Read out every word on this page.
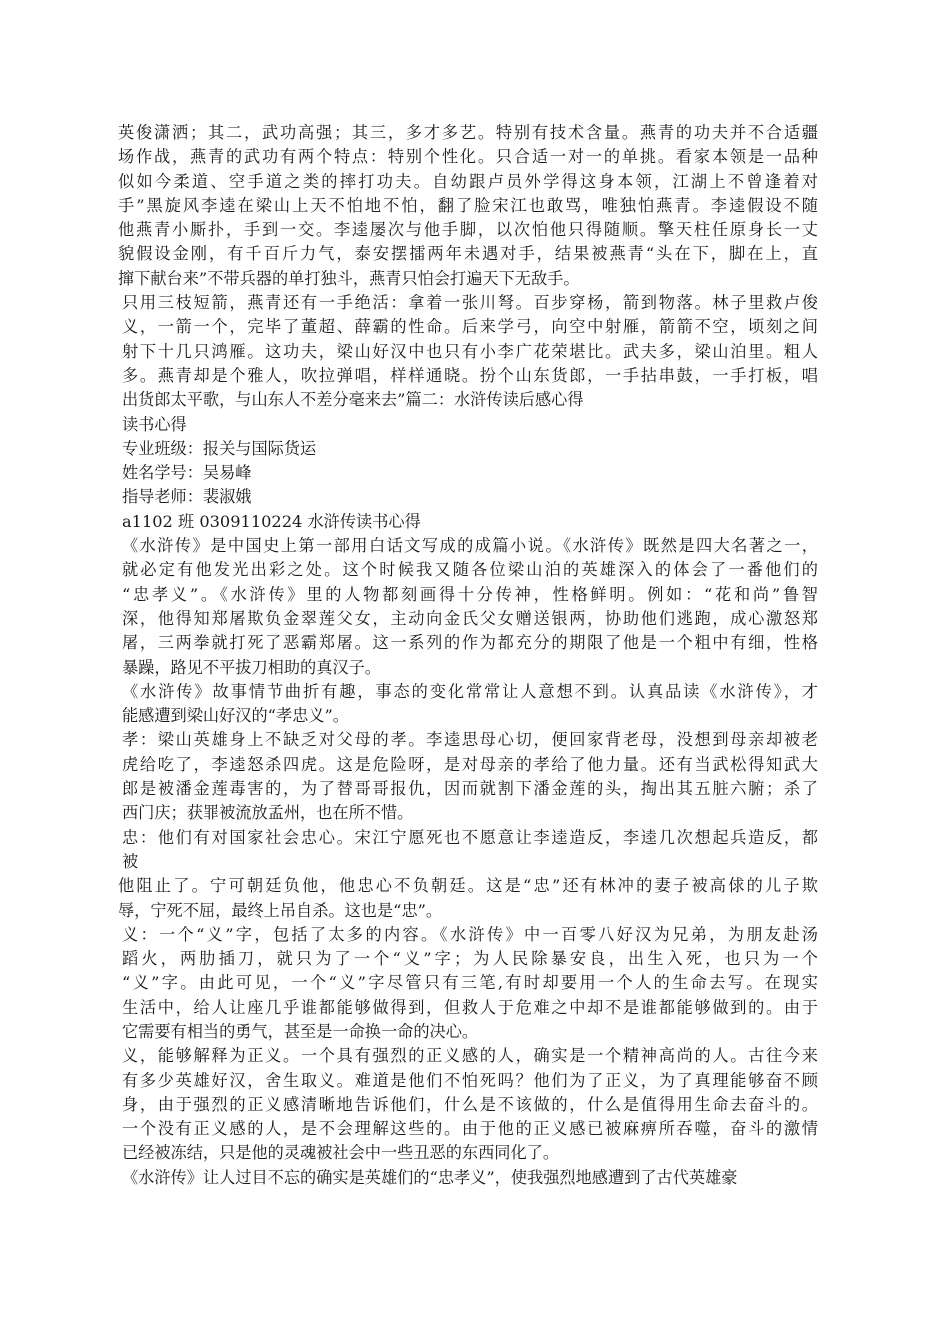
英俊潇洒；其二，武功高强；其三，多才多艺。特别有技术含量。燕青的功夫并不合适疆
场作战，燕青的武功有两个特点：特别个性化。只合适一对一的单挑。看家本领是一品种
似如今柔道、空手道之类的摔打功夫。自幼跟卢员外学得这身本领，江湖上不曾逢着对
手”黑旋风李逵在梁山上天不怕地不怕，翻了脸宋江也敢骂，唯独怕燕青。李逵假设不随
他燕青小厮扑，手到一交。李逵屡次与他手脚，以次怕他只得随顺。擎天柱任原身长一丈
貌假设金刚，有千百斤力气，泰安摆擂两年未遇对手，结果被燕青“头在下，脚在上，直
撺下献台来”不带兵器的单打独斗，燕青只怕会打遍天下无敌手。
只用三枝短箭，燕青还有一手绝活：拿着一张川弩。百步穿杨，箭到物落。林子里救卢俊
义，一箭一个，完毕了董超、薛霸的性命。后来学弓，向空中射雁，箭箭不空，顷刻之间
射下十几只鸿雁。这功夫，梁山好汉中也只有小李广花荣堪比。武夫多，梁山泊里。粗人
多。燕青却是个雅人，吹拉弹唱，样样通晓。扮个山东货郎，一手拈串鼓，一手打板，唱
出货郎太平歌，与山东人不差分毫来去”篇二：水浒传读后感心得
读书心得
专业班级：报关与国际货运
姓名学号：吴易峰
指导老师：裴淑娥
a1102 班 0309110224 水浒传读书心得
《水浒传》是中国史上第一部用白话文写成的成篇小说。《水浒传》既然是四大名著之一，
就必定有他发光出彩之处。这个时候我又随各位梁山泊的英雄深入的体会了一番他们的
“忠孝义”。《水浒传》里的人物都刻画得十分传神，性格鲜明。例如：“花和尚”鲁智
深，他得知郑屠欺负金翠莲父女，主动向金氏父女赠送银两，协助他们逃跑，成心激怒郑
屠，三两拳就打死了恶霸郑屠。这一系列的作为都充分的期限了他是一个粗中有细，性格
暴躁，路见不平拔刀相助的真汉子。
《水浒传》故事情节曲折有趣，事态的变化常常让人意想不到。认真品读《水浒传》，才
能感遭到梁山好汉的“孝忠义”。
孝：梁山英雄身上不缺乏对父母的孝。李逵思母心切，便回家背老母，没想到母亲却被老
虎给吃了，李逵怒杀四虎。这是危险呀，是对母亲的孝给了他力量。还有当武松得知武大
郎是被潘金莲毒害的，为了替哥哥报仇，因而就割下潘金莲的头，掏出其五脏六腑；杀了
西门庆；获罪被流放孟州，也在所不惜。
忠：他们有对国家社会忠心。宋江宁愿死也不愿意让李逵造反，李逵几次想起兵造反，都
被
他阻止了。宁可朝廷负他，他忠心不负朝廷。这是“忠”还有林冲的妻子被高俅的儿子欺
辱，宁死不屈，最终上吊自杀。这也是“忠”。
义：一个“义”字，包括了太多的内容。《水浒传》中一百零八好汉为兄弟，为朋友赴汤
蹈火，两肋插刀，就只为了一个“义”字；为人民除暴安良，出生入死，也只为一个
“义”字。由此可见，一个“义”字尽管只有三笔,有时却要用一个人的生命去写。在现实
生活中，给人让座几乎谁都能够做得到，但救人于危难之中却不是谁都能够做到的。由于
它需要有相当的勇气，甚至是一命换一命的决心。
义，能够解释为正义。一个具有强烈的正义感的人，确实是一个精神高尚的人。古往今来
有多少英雄好汉，舍生取义。难道是他们不怕死吗？他们为了正义，为了真理能够奋不顾
身，由于强烈的正义感清晰地告诉他们，什么是不该做的，什么是值得用生命去奋斗的。
一个没有正义感的人，是不会理解这些的。由于他的正义感已被麻痹所吞噬，奋斗的激情
已经被冻结，只是他的灵魂被社会中一些丑恶的东西同化了。
《水浒传》让人过目不忘的确实是英雄们的“忠孝义”，使我强烈地感遭到了古代英雄豪
